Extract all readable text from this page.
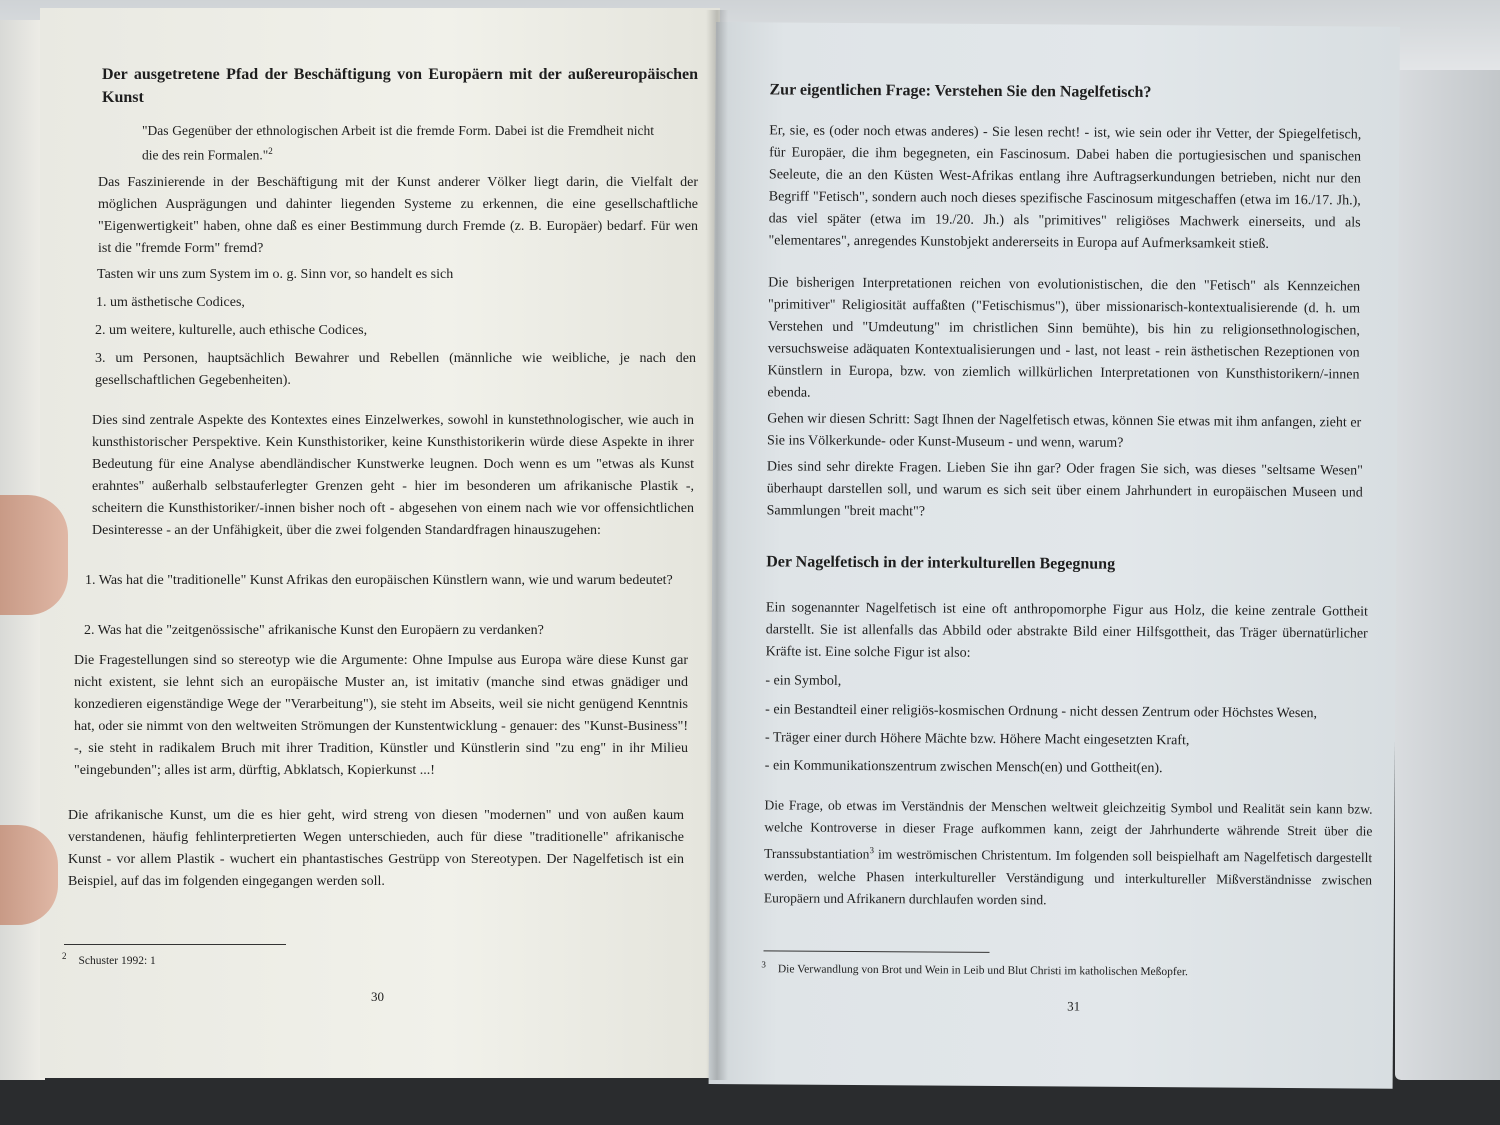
Der ausgetretene Pfad der Beschäftigung von Europäern mit der außereuropäischen Kunst
"Das Gegenüber der ethnologischen Arbeit ist die fremde Form. Dabei ist die Fremdheit nicht die des rein Formalen."$^2$
Das Faszinierende in der Beschäftigung mit der Kunst anderer Völker liegt darin, die Vielfalt der möglichen Ausprägungen und dahinter liegenden Systeme zu erkennen, die eine gesellschaftliche "Eigenwertigkeit" haben, ohne daß es einer Bestimmung durch Fremde (z. B. Europäer) bedarf. Für wen ist die "fremde Form" fremd?
Tasten wir uns zum System im o. g. Sinn vor, so handelt es sich
1. um ästhetische Codices,
2. um weitere, kulturelle, auch ethische Codices,
3. um Personen, hauptsächlich Bewahrer und Rebellen (männliche wie weibliche, je nach den gesellschaftlichen Gegebenheiten).
Dies sind zentrale Aspekte des Kontextes eines Einzelwerkes, sowohl in kunstethnologischer, wie auch in kunsthistorischer Perspektive. Kein Kunsthistoriker, keine Kunsthistorikerin würde diese Aspekte in ihrer Bedeutung für eine Analyse abendländischer Kunstwerke leugnen. Doch wenn es um "etwas als Kunst erahntes" außerhalb selbstauferlegter Grenzen geht - hier im besonderen um afrikanische Plastik -, scheitern die Kunsthistoriker/-innen bisher noch oft - abgesehen von einem nach wie vor offensichtlichen Desinteresse - an der Unfähigkeit, über die zwei folgenden Standardfragen hinauszugehen:
1. Was hat die "traditionelle" Kunst Afrikas den europäischen Künstlern wann, wie und warum bedeutet?
2. Was hat die "zeitgenössische" afrikanische Kunst den Europäern zu verdanken?
Die Fragestellungen sind so stereotyp wie die Argumente: Ohne Impulse aus Europa wäre diese Kunst gar nicht existent, sie lehnt sich an europäische Muster an, ist imitativ (manche sind etwas gnädiger und konzedieren eigenständige Wege der "Verarbeitung"), sie steht im Abseits, weil sie nicht genügend Kenntnis hat, oder sie nimmt von den weltweiten Strömungen der Kunstentwicklung - genauer: des "Kunst-Business"! -, sie steht in radikalem Bruch mit ihrer Tradition, Künstler und Künstlerin sind "zu eng" in ihr Milieu "eingebunden"; alles ist arm, dürftig, Abklatsch, Kopierkunst ...!
Die afrikanische Kunst, um die es hier geht, wird streng von diesen "modernen" und von außen kaum verstandenen, häufig fehlinterpretierten Wegen unterschieden, auch für diese "traditionelle" afrikanische Kunst - vor allem Plastik - wuchert ein phantastisches Gestrüpp von Stereotypen. Der Nagelfetisch ist ein Beispiel, auf das im folgenden eingegangen werden soll.
$^2$ Schuster 1992: 1
30
Zur eigentlichen Frage: Verstehen Sie den Nagelfetisch?
Er, sie, es (oder noch etwas anderes) - Sie lesen recht! - ist, wie sein oder ihr Vetter, der Spiegelfetisch, für Europäer, die ihm begegneten, ein Fascinosum. Dabei haben die portugiesischen und spanischen Seeleute, die an den Küsten West-Afrikas entlang ihre Auftragserkundungen betrieben, nicht nur den Begriff "Fetisch", sondern auch noch dieses spezifische Fascinosum mitgeschaffen (etwa im 16./17. Jh.), das viel später (etwa im 19./20. Jh.) als "primitives" religiöses Machwerk einerseits, und als "elementares", anregendes Kunstobjekt andererseits in Europa auf Aufmerksamkeit stieß.
Die bisherigen Interpretationen reichen von evolutionistischen, die den "Fetisch" als Kennzeichen "primitiver" Religiosität auffaßten ("Fetischismus"), über missionarisch-kontextualisierende (d. h. um Verstehen und "Umdeutung" im christlichen Sinn bemühte), bis hin zu religionsethnologischen, versuchsweise adäquaten Kontextualisierungen und - last, not least - rein ästhetischen Rezeptionen von Künstlern in Europa, bzw. von ziemlich willkürlichen Interpretationen von Kunsthistorikern/-innen ebenda.
Gehen wir diesen Schritt: Sagt Ihnen der Nagelfetisch etwas, können Sie etwas mit ihm anfangen, zieht er Sie ins Völkerkunde- oder Kunst-Museum - und wenn, warum?
Dies sind sehr direkte Fragen. Lieben Sie ihn gar? Oder fragen Sie sich, was dieses "seltsame Wesen" überhaupt darstellen soll, und warum es sich seit über einem Jahrhundert in europäischen Museen und Sammlungen "breit macht"?
Der Nagelfetisch in der interkulturellen Begegnung
Ein sogenannter Nagelfetisch ist eine oft anthropomorphe Figur aus Holz, die keine zentrale Gottheit darstellt. Sie ist allenfalls das Abbild oder abstrakte Bild einer Hilfsgottheit, das Träger übernatürlicher Kräfte ist. Eine solche Figur ist also:
- ein Symbol,
- ein Bestandteil einer religiös-kosmischen Ordnung - nicht dessen Zentrum oder Höchstes Wesen,
- Träger einer durch Höhere Mächte bzw. Höhere Macht eingesetzten Kraft,
- ein Kommunikationszentrum zwischen Mensch(en) und Gottheit(en).
Die Frage, ob etwas im Verständnis der Menschen weltweit gleichzeitig Symbol und Realität sein kann bzw. welche Kontroverse in dieser Frage aufkommen kann, zeigt der Jahrhunderte währende Streit über die Transsubstantiation$^3$ im weströmischen Christentum. Im folgenden soll beispielhaft am Nagelfetisch dargestellt werden, welche Phasen interkultureller Verständigung und interkultureller Mißverständnisse zwischen Europäern und Afrikanern durchlaufen worden sind.
$^3$ Die Verwandlung von Brot und Wein in Leib und Blut Christi im katholischen Meßopfer.
31
